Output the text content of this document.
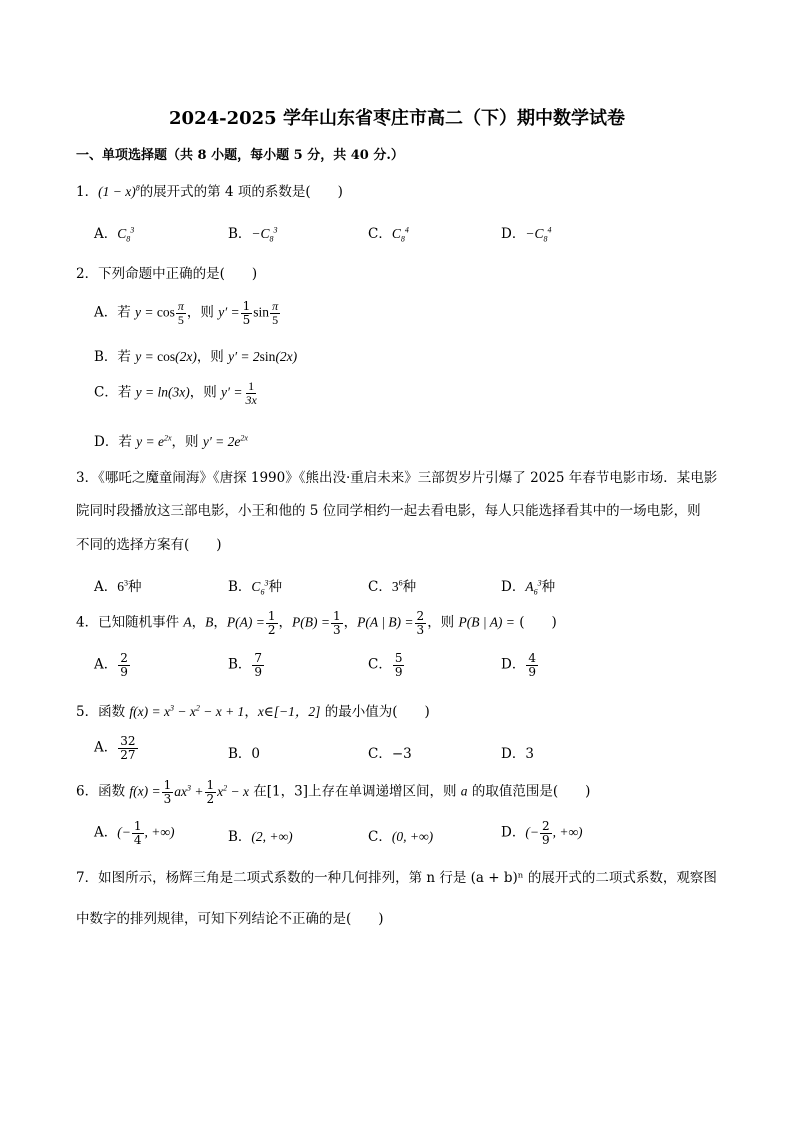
2024-2025 学年山东省枣庄市高二（下）期中数学试卷
一、单项选择题（共 8 小题，每小题 5 分，共 40 分.）
1．$(1 - x)^8$的展开式的第 4 项的系数是(　　)
A．$C_8^3$	B．$-C_8^3$	C．$C_8^4$	D．$-C_8^4$
2．下列命题中正确的是(　　)
A．若 $y = \cos \frac{\pi}{5}$ ，则 $y' = \frac{1}{5}$ $\sin \frac{\pi}{5}$
B．若 y = cos(2x)，则 y′ = 2sin(2x)
C．若 y = ln(3x)，则 $y' = \frac{1}{3x}$
D．若 $y = e^{2x}$，则 $y' = 2e^{2x}$
3．《哪吒之魔童闹海》《唐探 1990》《熊出没·重启未来》三部贺岁片引爆了 2025 年春节电影市场．某电影
院同时段播放这三部电影，小王和他的 5 位同学相约一起去看电影，每人只能选择看其中的一场电影，则
不同的选择方案有(　　)
A．$6^3$种	B．$C_6^3$种	C．$3^6$种	D．$A_6^3$种
4．已知随机事件 A，B，$P(A) = \frac{1}{2}$ ，$P(B) = \frac{1}{3}$ ，P(A | $B) = \frac{2}{3}$ ，则 P(B | A) = (　　)
A． $\frac{2}{9}$	B． $\frac{7}{9}$	C． $\frac{5}{9}$	D． $\frac{4}{9}$
5．函数 $f(x) = x^3 - x^2 - x + 1$，x∈[−1，2] 的最小值为(　　)
A． $\frac{32}{27}$	B．0	C．−3	D．3
6．函数 $f(x) = \frac{1}{3} ax^3 + \frac{1}{2} x^2 - x$ 在[1，3]上存在单调递增区间，则 a 的取值范围是(　　)
A．(− $\frac{1}{4}$ , +∞)	B．(2, +∞)	C．(0, +∞)	D．(− $\frac{2}{9}$ , +∞)
7．如图所示，杨辉三角是二项式系数的一种几何排列，第 n 行是 (a + b)ⁿ 的展开式的二项式系数，观察图
中数字的排列规律，可知下列结论不正确的是(　　)
